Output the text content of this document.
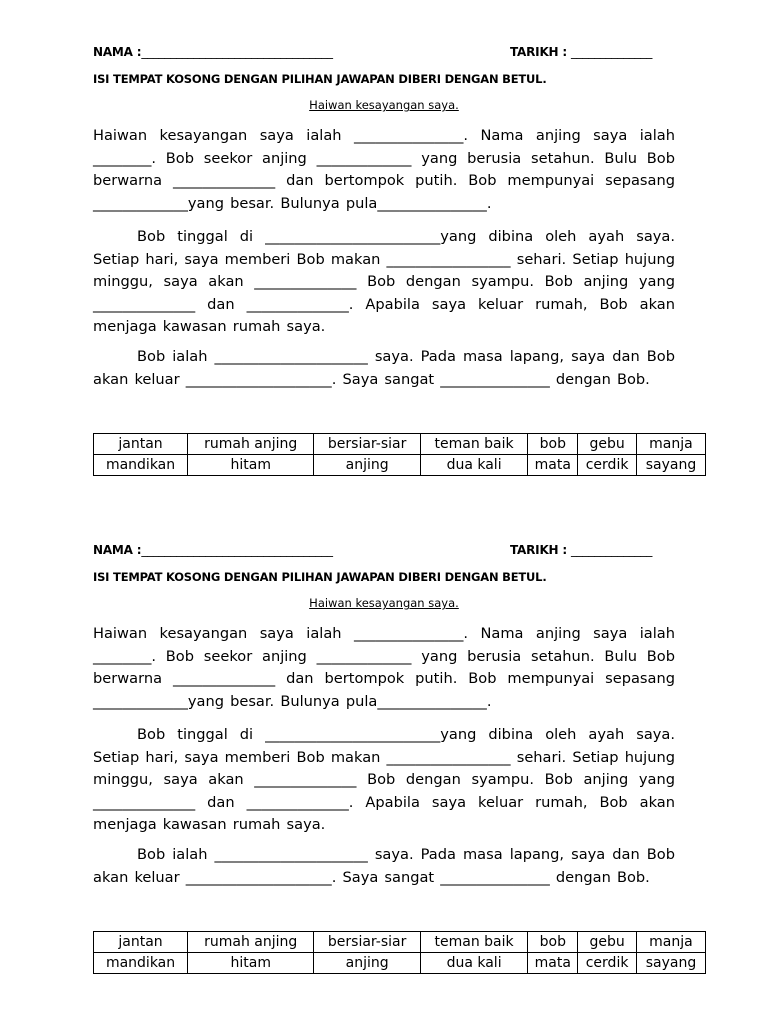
NAMA :_________________________________	TARIKH : ______________
ISI TEMPAT KOSONG DENGAN PILIHAN JAWAPAN DIBERI DENGAN BETUL.
Haiwan kesayangan saya.
Haiwan kesayangan saya ialah _______________. Nama anjing saya ialah ________. Bob seekor anjing _____________ yang berusia setahun. Bulu Bob berwarna ______________ dan bertompok putih. Bob mempunyai sepasang _____________yang besar. Bulunya pula_______________.
Bob tinggal di ________________________yang dibina oleh ayah saya. Setiap hari, saya memberi Bob makan _________________ sehari. Setiap hujung minggu, saya akan ______________ Bob dengan syampu. Bob anjing yang ______________ dan ______________. Apabila saya keluar rumah, Bob akan menjaga kawasan rumah saya.
Bob ialah _____________________ saya. Pada masa lapang, saya dan Bob akan keluar ____________________. Saya sangat _______________ dengan Bob.
jantan	rumah anjing	bersiar-siar	teman baik	bob	gebu	manja
mandikan	hitam	anjing	dua kali	mata	cerdik	sayang
NAMA :_________________________________	TARIKH : ______________
ISI TEMPAT KOSONG DENGAN PILIHAN JAWAPAN DIBERI DENGAN BETUL.
Haiwan kesayangan saya.
Haiwan kesayangan saya ialah _______________. Nama anjing saya ialah ________. Bob seekor anjing _____________ yang berusia setahun. Bulu Bob berwarna ______________ dan bertompok putih. Bob mempunyai sepasang _____________yang besar. Bulunya pula_______________.
Bob tinggal di ________________________yang dibina oleh ayah saya. Setiap hari, saya memberi Bob makan _________________ sehari. Setiap hujung minggu, saya akan ______________ Bob dengan syampu. Bob anjing yang ______________ dan ______________. Apabila saya keluar rumah, Bob akan menjaga kawasan rumah saya.
Bob ialah _____________________ saya. Pada masa lapang, saya dan Bob akan keluar ____________________. Saya sangat _______________ dengan Bob.
jantan	rumah anjing	bersiar-siar	teman baik	bob	gebu	manja
mandikan	hitam	anjing	dua kali	mata	cerdik	sayang
